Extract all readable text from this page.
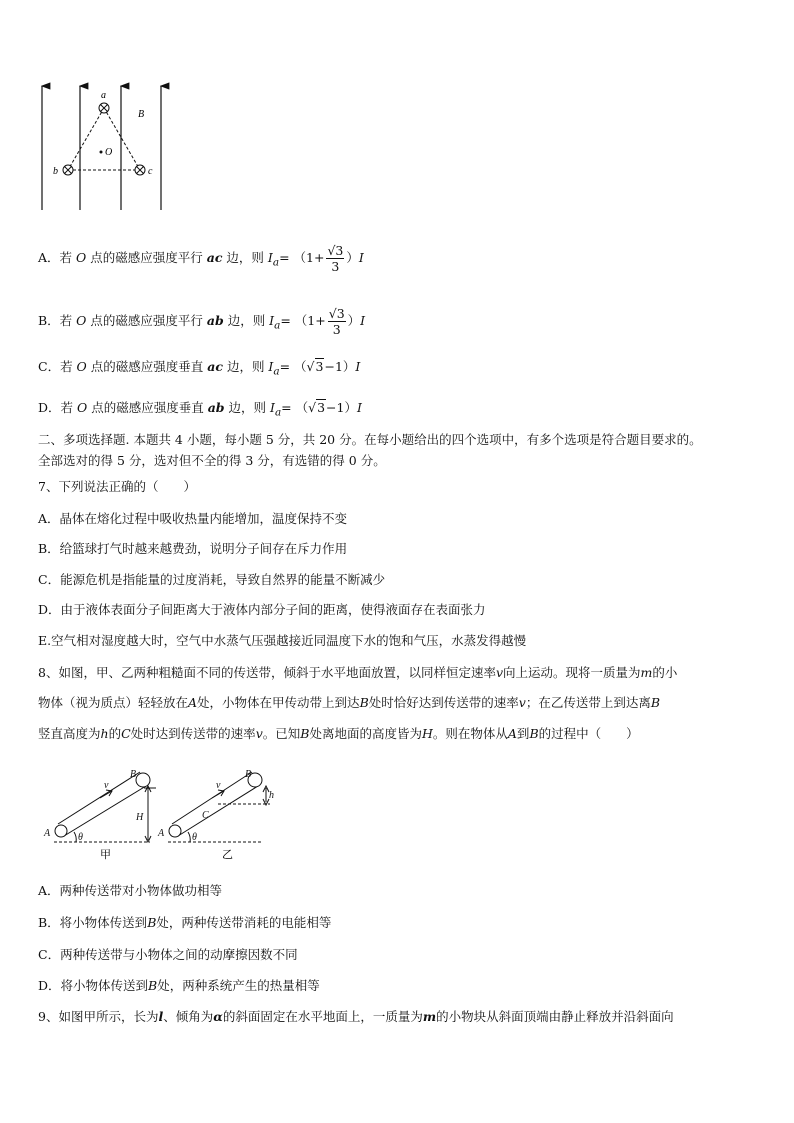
a
O
b	c
B
A．若 O 点的磁感应强度平行 ac 边，则 $I_a= (1+ \frac{√3}{3} )I$
B．若 O 点的磁感应强度平行 ab 边，则 $I_a= (1+ \frac{√3}{3} )I$
C．若 O 点的磁感应强度垂直 ac 边，则 $I_a= (√3-1)I$
D．若 O 点的磁感应强度垂直 ab 边，则 $I_a= (√3-1)I$
二、多项选择题. 本题共 4 小题，每小题 5 分，共 20 分。在每小题给出的四个选项中，有多个选项是符合题目要求的。
全部选对的得 5 分，选对但不全的得 3 分，有选错的得 0 分。
7、下列说法正确的（　　）
A．晶体在熔化过程中吸收热量内能增加，温度保持不变
B．给篮球打气时越来越费劲，说明分子间存在斥力作用
C．能源危机是指能量的过度消耗，导致自然界的能量不断减少
D．由于液体表面分子间距离大于液体内部分子间的距离，使得液面存在表面张力
E.空气相对湿度越大时，空气中水蒸气压强越接近同温度下水的饱和气压，水蒸发得越慢
8、如图，甲、乙两种粗糙面不同的传送带，倾斜于水平地面放置，以同样恒定速率v向上运动。现将一质量为m的小
物体（视为质点）轻轻放在A处，小物体在甲传动带上到达B处时恰好达到传送带的速率v；在乙传送带上到达离B
竖直高度为h的C处时达到传送带的速率v。已知B处离地面的高度皆为H。则在物体从A到B的过程中（　　）
A
B
H
v
θ	A
B
C
h
v
θ
甲	乙
A．两种传送带对小物体做功相等
B．将小物体传送到B处，两种传送带消耗的电能相等
C．两种传送带与小物体之间的动摩擦因数不同
D．将小物体传送到B处，两种系统产生的热量相等
9、如图甲所示，长为l、倾角为α的斜面固定在水平地面上，一质量为m的小物块从斜面顶端由静止释放并沿斜面向
